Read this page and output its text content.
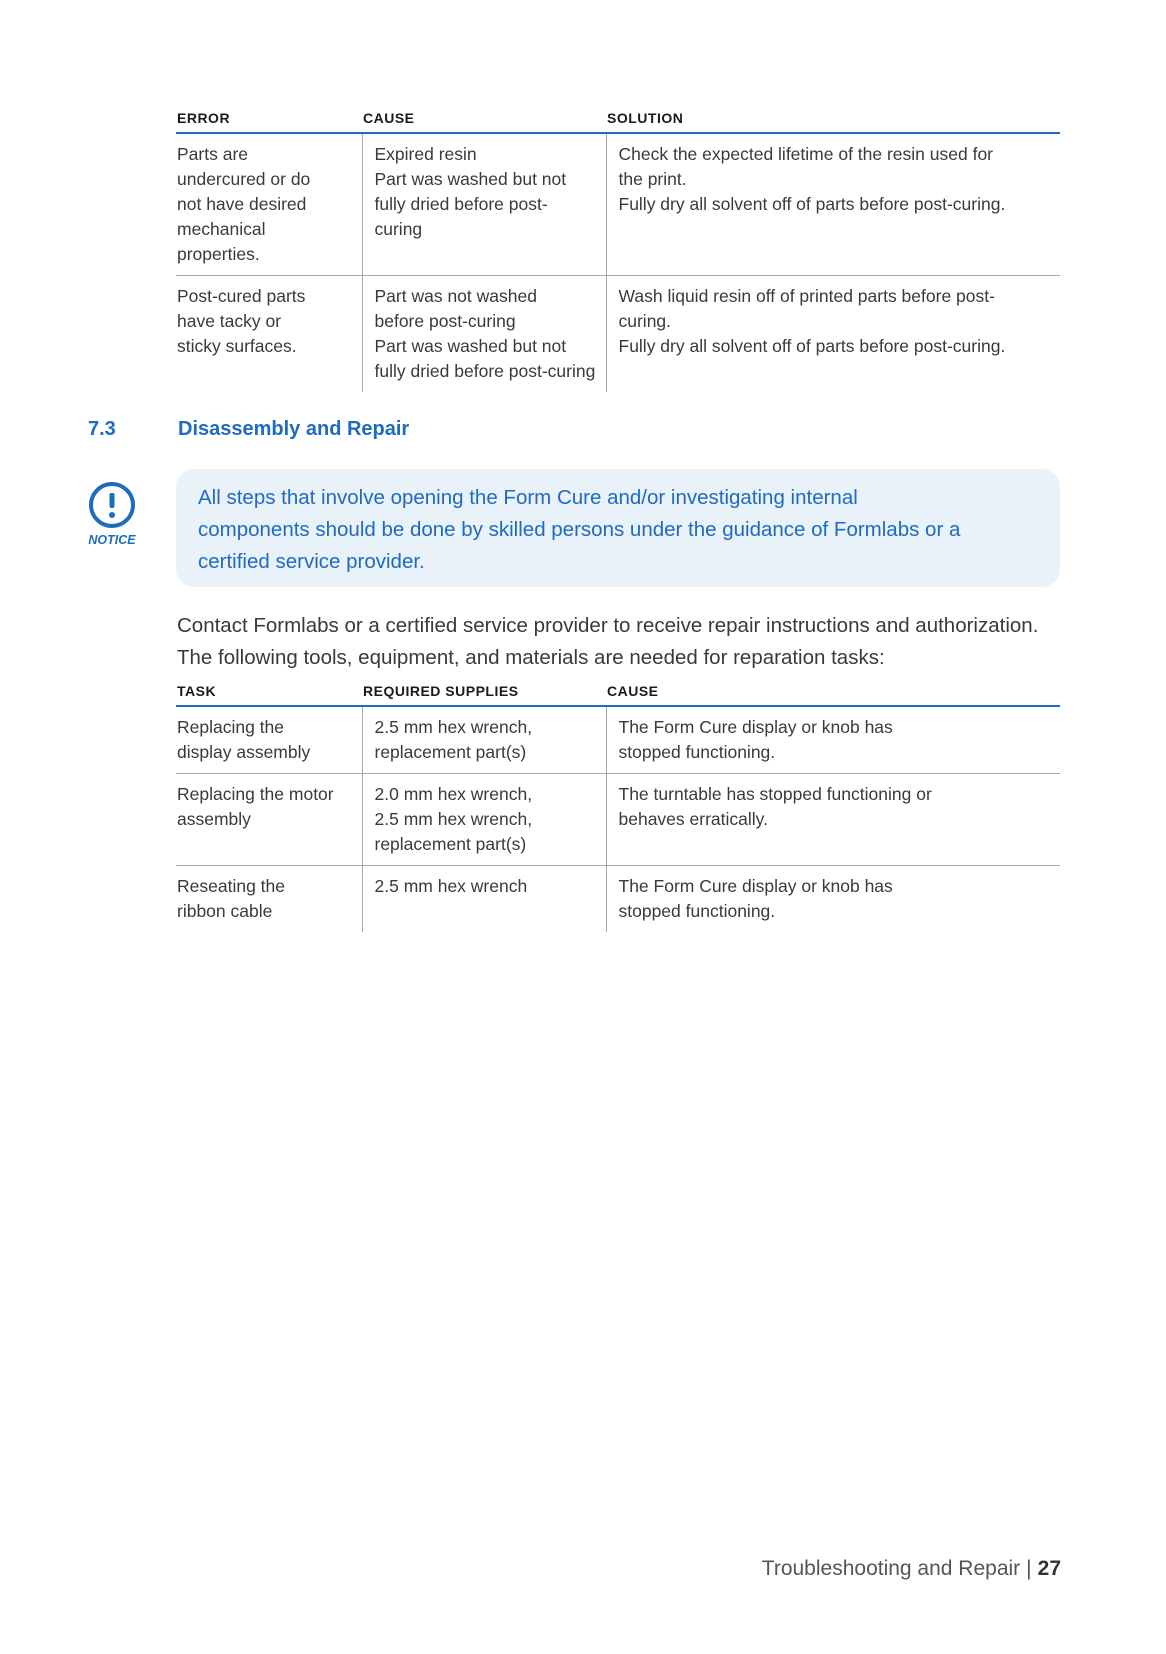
ERROR	CAUSE	SOLUTION

Parts are
undercured or do
not have desired
mechanical
properties.	Expired resin
Part was washed but not
fully dried before post-
curing	Check the expected lifetime of the resin used for
the print.
Fully dry all solvent off of parts before post-curing.

Post-cured parts
have tacky or
sticky surfaces.	Part was not washed
before post-curing
Part was washed but not
fully dried before post-curing	Wash liquid resin off of printed parts before post-
curing.
Fully dry all solvent off of parts before post-curing.
7.3	Disassembly and Repair
NOTICE
All steps that involve opening the Form Cure and/or investigating internal
components should be done by skilled persons under the guidance of Formlabs or a
certified service provider.
Contact Formlabs or a certified service provider to receive repair instructions and authorization.
The following tools, equipment, and materials are needed for reparation tasks:
TASK	REQUIRED SUPPLIES	CAUSE

Replacing the
display assembly	2.5 mm hex wrench,
replacement part(s)	The Form Cure display or knob has
stopped functioning.

Replacing the motor
assembly	2.0 mm hex wrench,
2.5 mm hex wrench,
replacement part(s)	The turntable has stopped functioning or
behaves erratically.

Reseating the
ribbon cable	2.5 mm hex wrench	The Form Cure display or knob has
stopped functioning.
Troubleshooting and Repair | 27
